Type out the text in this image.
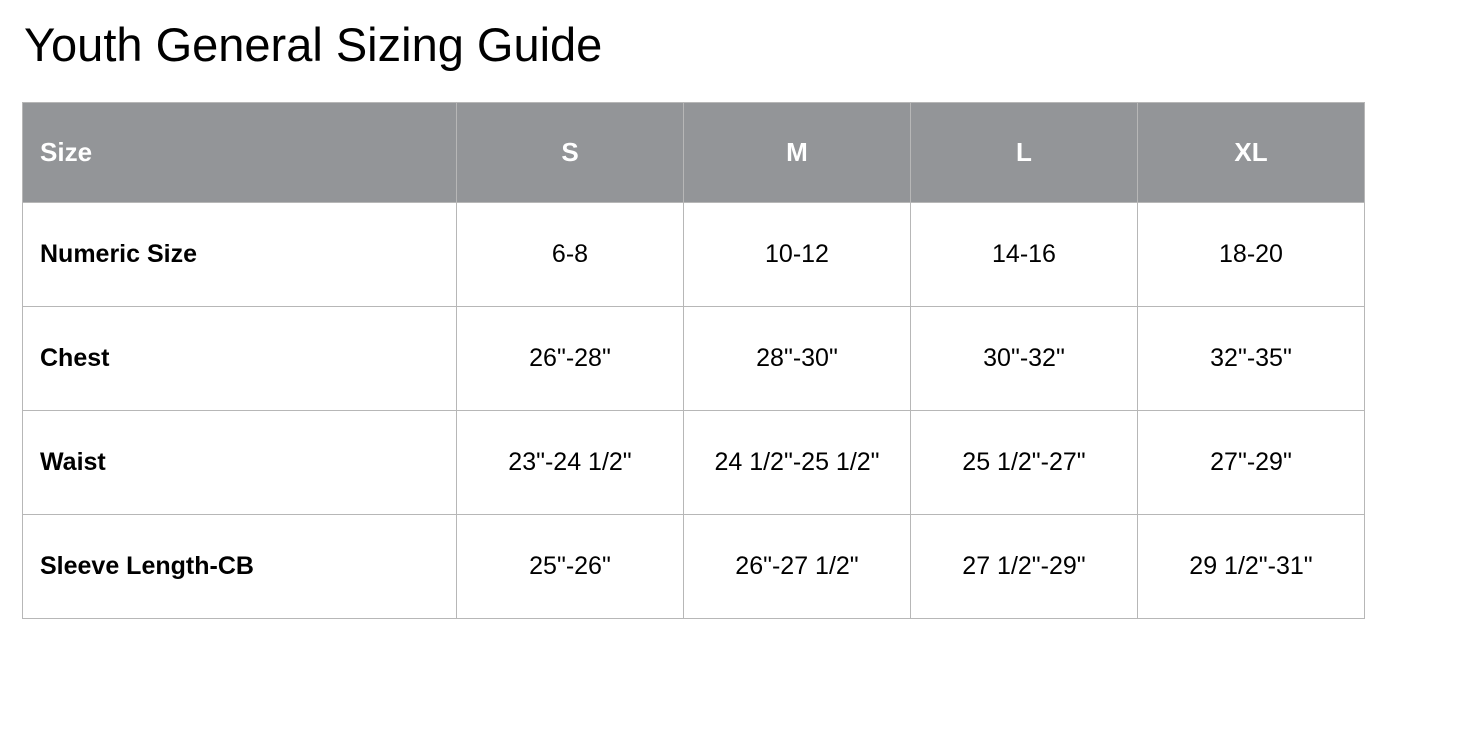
Youth General Sizing Guide
Size	S	M	L	XL
Numeric Size	6-8	10-12	14-16	18-20

Chest	26"-28"	28"-30"	30"-32"	32"-35"

Waist	23"-24 1/2"	24 1/2"-25 1/2"	25 1/2"-27"	27"-29"

Sleeve Length-CB	25"-26"	26"-27 1/2"	27 1/2"-29"	29 1/2"-31"
